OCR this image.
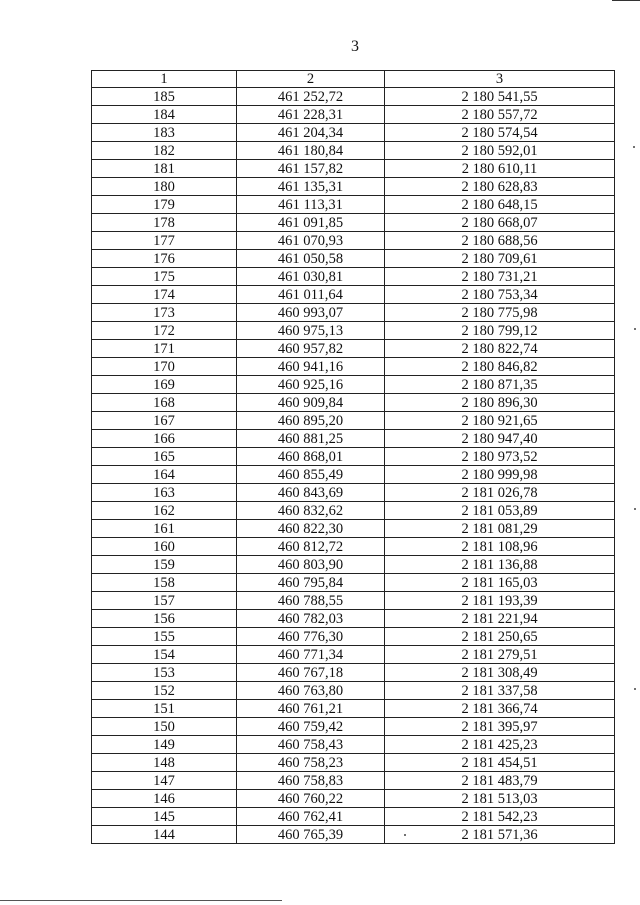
3
1	2	3
185	461 252,72	2 180 541,55
184	461 228,31	2 180 557,72
183	461 204,34	2 180 574,54
182	461 180,84	2 180 592,01
181	461 157,82	2 180 610,11
180	461 135,31	2 180 628,83
179	461 113,31	2 180 648,15
178	461 091,85	2 180 668,07
177	461 070,93	2 180 688,56
176	461 050,58	2 180 709,61
175	461 030,81	2 180 731,21
174	461 011,64	2 180 753,34
173	460 993,07	2 180 775,98
172	460 975,13	2 180 799,12
171	460 957,82	2 180 822,74
170	460 941,16	2 180 846,82
169	460 925,16	2 180 871,35
168	460 909,84	2 180 896,30
167	460 895,20	2 180 921,65
166	460 881,25	2 180 947,40
165	460 868,01	2 180 973,52
164	460 855,49	2 180 999,98
163	460 843,69	2 181 026,78
162	460 832,62	2 181 053,89
161	460 822,30	2 181 081,29
160	460 812,72	2 181 108,96
159	460 803,90	2 181 136,88
158	460 795,84	2 181 165,03
157	460 788,55	2 181 193,39
156	460 782,03	2 181 221,94
155	460 776,30	2 181 250,65
154	460 771,34	2 181 279,51
153	460 767,18	2 181 308,49
152	460 763,80	2 181 337,58
151	460 761,21	2 181 366,74
150	460 759,42	2 181 395,97
149	460 758,43	2 181 425,23
148	460 758,23	2 181 454,51
147	460 758,83	2 181 483,79
146	460 760,22	2 181 513,03
145	460 762,41	2 181 542,23
144	460 765,39	2 181 571,36
